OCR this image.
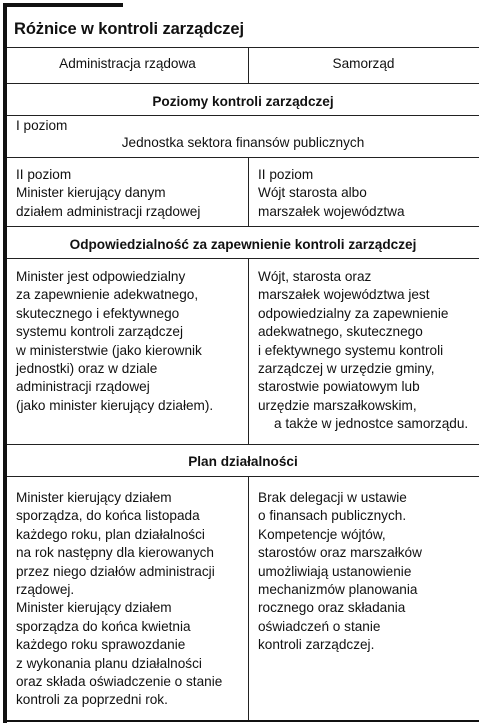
Różnice w kontroli zarządczej
Administracja rządowa	Samorząd
Poziomy kontroli zarządczej
I poziom
Jednostka sektora finansów publicznych
II poziom
Minister kierujący danym
działem administracji rządowej
II poziom
Wójt starosta albo
marszałek województwa
Odpowiedzialność za zapewnienie kontroli zarządczej
Minister jest odpowiedzialny
za zapewnienie adekwatnego,
skutecznego i efektywnego
systemu kontroli zarządczej
w ministerstwie (jako kierownik
jednostki) oraz w dziale
administracji rządowej
(jako minister kierujący działem).
Wójt, starosta oraz
marszałek województwa jest
odpowiedzialny za zapewnienie
adekwatnego, skutecznego
i efektywnego systemu kontroli
zarządczej w urzędzie gminy,
starostwie powiatowym lub
urzędzie marszałkowskim,
a także w jednostce samorządu.
Plan działalności
Minister kierujący działem
sporządza, do końca listopada
każdego roku, plan działalności
na rok następny dla kierowanych
przez niego działów administracji
rządowej.
Minister kierujący działem
sporządza do końca kwietnia
każdego roku sprawozdanie
z wykonania planu działalności
oraz składa oświadczenie o stanie
kontroli za poprzedni rok.
Brak delegacji w ustawie
o finansach publicznych.
Kompetencje wójtów,
starostów oraz marszałków
umożliwiają ustanowienie
mechanizmów planowania
rocznego oraz składania
oświadczeń o stanie
kontroli zarządczej.
